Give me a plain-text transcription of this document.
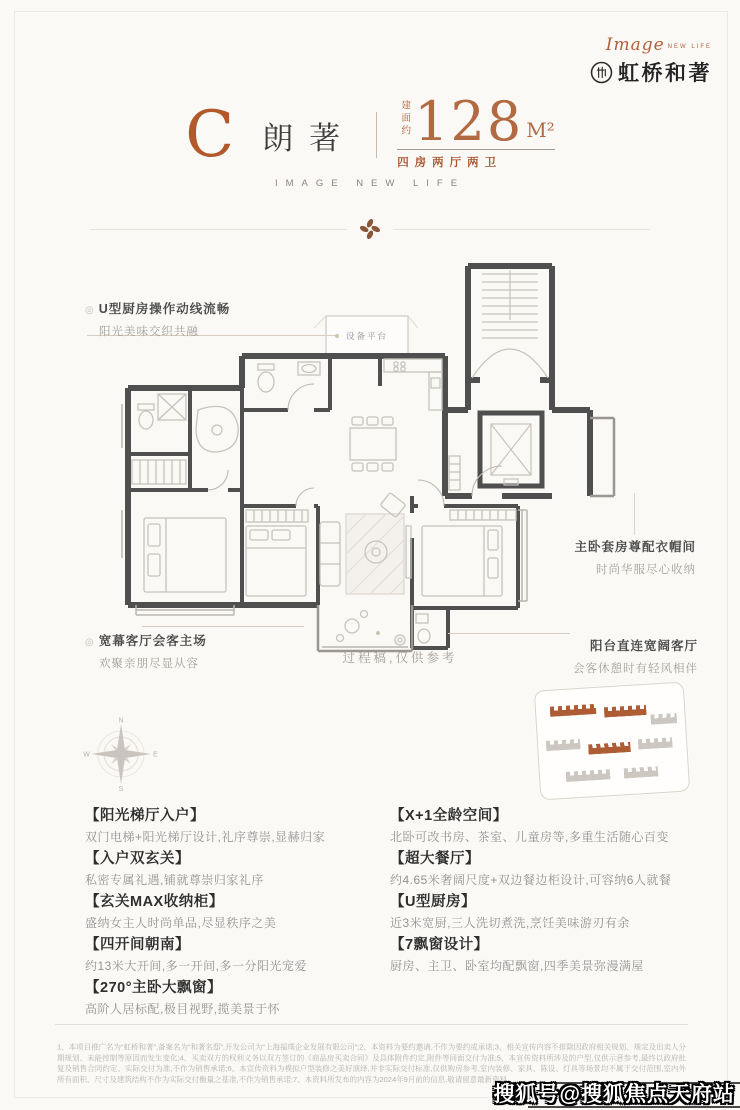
Image NEW LIFE
虹桥和著
C 朗著
建面约 128 M²
四房两厅两卫
IMAGE NEW LIFE
设备平台
过程稿,仅供参考
◎ U型厨房操作动线流畅
阳光美味交织共融
◎ 宽幕客厅会客主场
欢聚亲朋尽显从容
主卧套房尊配衣帽间
时尚华服尽心收纳
阳台直连宽阔客厅
会客休憩时有轻风相伴
N
E
S
W
【阳光梯厅入户】
双门电梯+阳光梯厅设计,礼序尊崇,显赫归家
【入户双玄关】
私密专属礼遇,铺就尊崇归家礼序
【玄关MAX收纳柜】
盛纳女主人时尚单品,尽显秩序之美
【四开间朝南】
约13米大开间,多一开间,多一分阳光宠爱
【270°主卧大飘窗】
高阶人居标配,极目视野,揽美景于怀
【X+1全龄空间】
北卧可改书房、茶室、儿童房等,多重生活随心百变
【超大餐厅】
约4.65米奢阔尺度+双边餐边柜设计,可容纳6人就餐
【U型厨房】
近3米宽厨,三人洗切煮洗,烹饪美味游刃有余
【7飘窗设计】
厨房、主卫、卧室均配飘窗,四季美景弥漫满屋
1、本项目推广名为“虹桥和著”,备案名为“和著名邸”,开发公司为“上海福璞企业发展有限公司”;2、本资料为要约邀请,不作为要约或承诺;3、相关宣传内容不排除因政府相关规划、规定及出卖人分期规划、未能控制等原因而发生变化;4、买卖双方的权利义务以双方签订的《商品房买卖合同》及具体附件约定,附件等同面交付为准;5、本宣传资料所涉及的户型,仅供示意参考,最终以政府批复及销售合同约定、实际交付为准,不作为销售承诺;6、本宣传资料为模拟户型装修之美好演绎,并非实际交付标准,仅供购房参考,室内装修、家具、陈设、灯具等场景均不属于交付范围,室内外所有面积、尺寸及建筑结构不作为实际交付衡量之基准,不作为销售承诺;7、本资料所发布的内容为2024年9月前的信息,敬请留意最新资料。
搜狐号@搜狐焦点天府站
